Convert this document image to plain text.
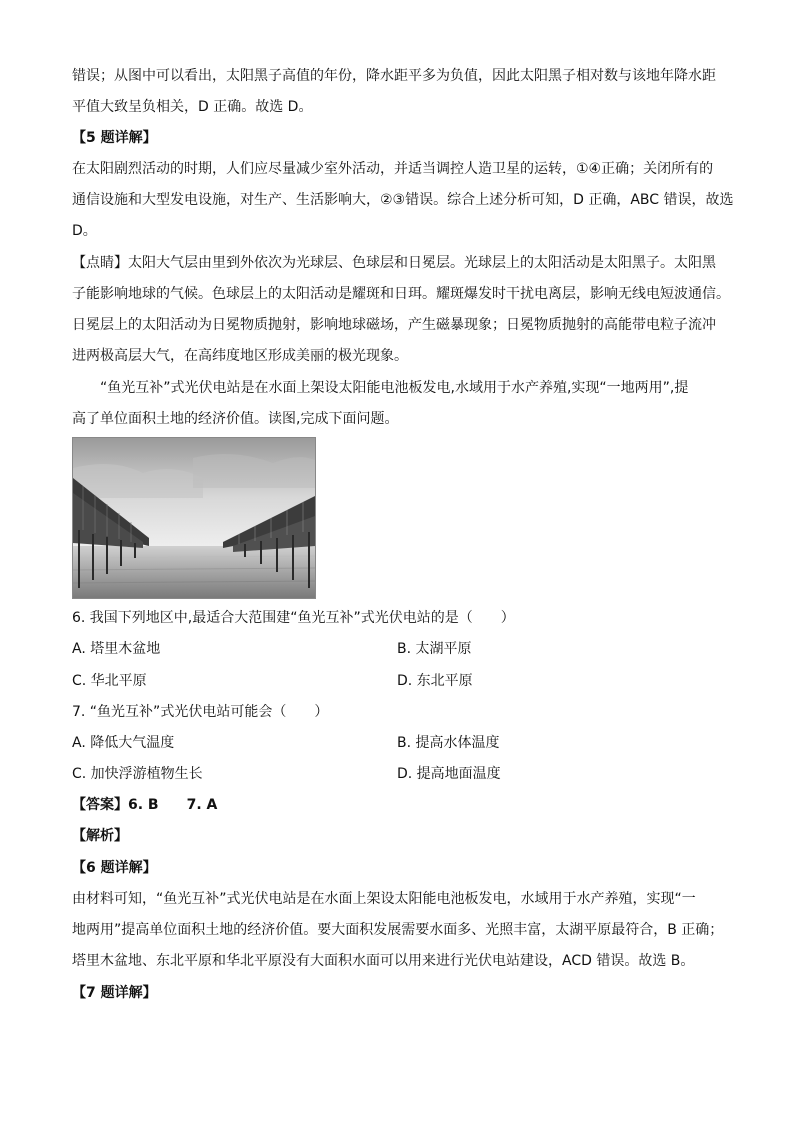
错误；从图中可以看出，太阳黑子高值的年份，降水距平多为负值，因此太阳黑子相对数与该地年降水距
平值大致呈负相关，D 正确。故选 D。
【5 题详解】
在太阳剧烈活动的时期，人们应尽量减少室外活动，并适当调控人造卫星的运转，①④正确；关闭所有的
通信设施和大型发电设施，对生产、生活影响大，②③错误。综合上述分析可知，D 正确，ABC 错误，故选
D。
【点睛】太阳大气层由里到外依次为光球层、色球层和日冕层。光球层上的太阳活动是太阳黑子。太阳黑
子能影响地球的气候。色球层上的太阳活动是耀斑和日珥。耀斑爆发时干扰电离层，影响无线电短波通信。
日冕层上的太阳活动为日冕物质抛射，影响地球磁场，产生磁暴现象；日冕物质抛射的高能带电粒子流冲
进两极高层大气，在高纬度地区形成美丽的极光现象。
“鱼光互补”式光伏电站是在水面上架设太阳能电池板发电,水域用于水产养殖,实现“一地两用”,提
高了单位面积土地的经济价值。读图,完成下面问题。
6. 我国下列地区中,最适合大范围建“鱼光互补”式光伏电站的是（　　）
A. 塔里木盆地	B. 太湖平原
C. 华北平原	D. 东北平原
7. “鱼光互补”式光伏电站可能会（　　）
A. 降低大气温度	B. 提高水体温度
C. 加快浮游植物生长	D. 提高地面温度
【答案】6. B　　7. A
【解析】
【6 题详解】
由材料可知，“鱼光互补”式光伏电站是在水面上架设太阳能电池板发电，水域用于水产养殖，实现“一
地两用”提高单位面积土地的经济价值。要大面积发展需要水面多、光照丰富，太湖平原最符合，B 正确；
塔里木盆地、东北平原和华北平原没有大面积水面可以用来进行光伏电站建设，ACD 错误。故选 B。
【7 题详解】
